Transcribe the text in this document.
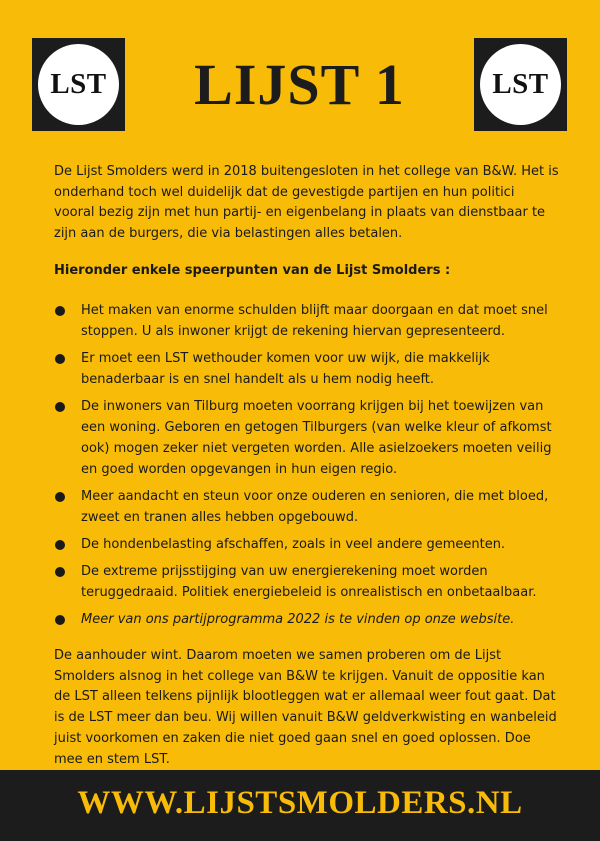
LST	LIJST 1	LST

De Lijst Smolders werd in 2018 buitengesloten in het college van B&W. Het is onderhand toch wel duidelijk dat de gevestigde partijen en hun politici vooral bezig zijn met hun partij- en eigenbelang in plaats van dienstbaar te zijn aan de burgers, die via belastingen alles betalen.

Hieronder enkele speerpunten van de Lijst Smolders :

Het maken van enorme schulden blijft maar doorgaan en dat moet snel stoppen. U als inwoner krijgt de rekening hiervan gepresenteerd.
Er moet een LST wethouder komen voor uw wijk, die makkelijk benaderbaar is en snel handelt als u hem nodig heeft.
De inwoners van Tilburg moeten voorrang krijgen bij het toewijzen van een woning. Geboren en getogen Tilburgers (van welke kleur of afkomst ook) mogen zeker niet vergeten worden. Alle asielzoekers moeten veilig en goed worden opgevangen in hun eigen regio.
Meer aandacht en steun voor onze ouderen en senioren, die met bloed, zweet en tranen alles hebben opgebouwd.
De hondenbelasting afschaffen, zoals in veel andere gemeenten.
De extreme prijsstijging van uw energierekening moet worden teruggedraaid. Politiek energiebeleid is onrealistisch en onbetaalbaar.
Meer van ons partijprogramma 2022 is te vinden op onze website.

De aanhouder wint. Daarom moeten we samen proberen om de Lijst Smolders alsnog in het college van B&W te krijgen. Vanuit de oppositie kan de LST alleen telkens pijnlijk blootleggen wat er allemaal weer fout gaat. Dat is de LST meer dan beu. Wij willen vanuit B&W geldverkwisting en wanbeleid juist voorkomen en zaken die niet goed gaan snel en goed oplossen. Doe mee en stem LST.

WWW.LIJSTSMOLDERS.NL
